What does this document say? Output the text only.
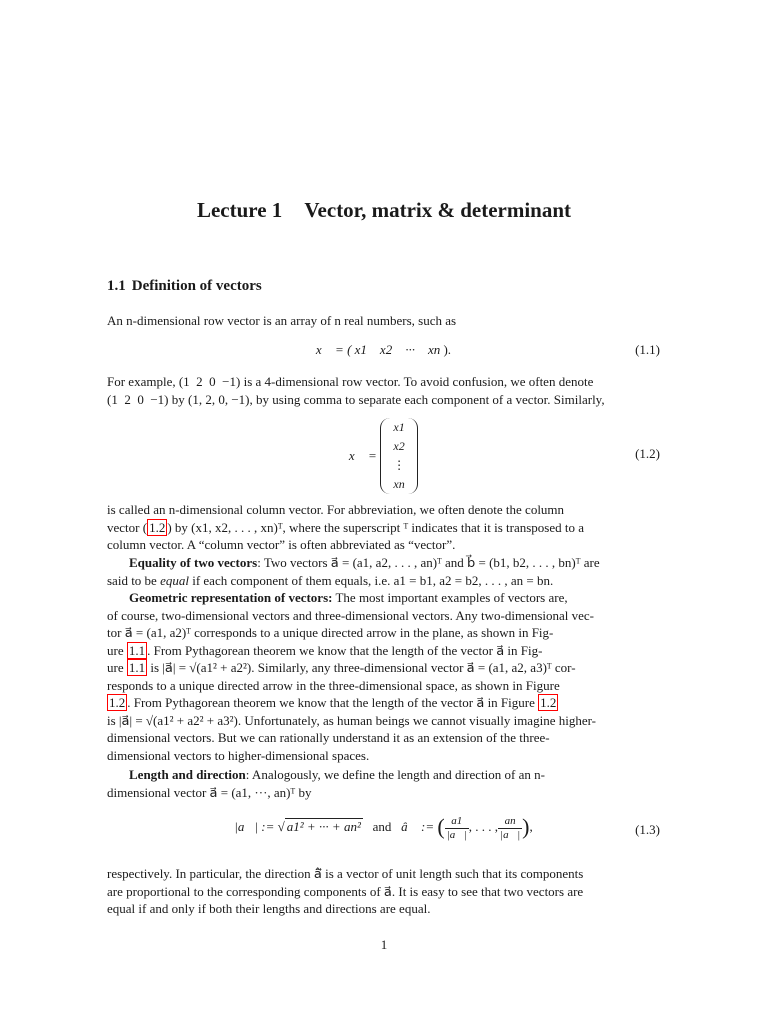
Lecture 1 Vector, matrix & determinant
1.1 Definition of vectors
An n-dimensional row vector is an array of n real numbers, such as
x⃗ = ( x1    x2    ···    xn ).	(1.1)
For example, (1  2  0  −1) is a 4-dimensional row vector. To avoid confusion, we often denote
(1  2  0  −1) by (1, 2, 0, −1), by using comma to separate each component of a vector. Similarly,
x⃗ =
x1
x2
⋮
xn
(1.2)
is called an n-dimensional column vector. For abbreviation, we often denote the column
vector ( 1.2 ) by (x1, x2, . . . , xn)ᵀ, where the superscript ᵀ indicates that it is transposed to a
column vector. A “column vector” is often abbreviated as “vector”.
Equality of two vectors: Two vectors a⃗ = (a1, a2, . . . , an)ᵀ and b⃗ = (b1, b2, . . . , bn)ᵀ are
said to be equal if each component of them equals, i.e. a1 = b1, a2 = b2, . . . , an = bn.
Geometric representation of vectors: The most important examples of vectors are,
of course, two-dimensional vectors and three-dimensional vectors. Any two-dimensional vec-
tor a⃗ = (a1, a2)ᵀ corresponds to a unique directed arrow in the plane, as shown in Fig-
ure 1.1 . From Pythagorean theorem we know that the length of the vector a⃗ in Fig-
ure 1.1 is |a⃗| = √(a1² + a2²). Similarly, any three-dimensional vector a⃗ = (a1, a2, a3)ᵀ cor-
responds to a unique directed arrow in the three-dimensional space, as shown in Figure
1.2 . From Pythagorean theorem we know that the length of the vector a⃗ in Figure 1.2
is |a⃗| = √(a1² + a2² + a3²). Unfortunately, as human beings we cannot visually imagine higher-
dimensional vectors. But we can rationally understand it as an extension of the three-
dimensional vectors to higher-dimensional spaces.
Length and direction: Analogously, we define the length and direction of an n-
dimensional vector a⃗ = (a1, ···, an)ᵀ by
|a⃗| := √ a1² + ··· + an² and â⃗ := ( $\frac{a1}{|a⃗|}$ , . . . , $\frac{an}{|a⃗|}$ ),	(1.3)
respectively. In particular, the direction â⃗ is a vector of unit length such that its components
are proportional to the corresponding components of a⃗. It is easy to see that two vectors are
equal if and only if both their lengths and directions are equal.
1
